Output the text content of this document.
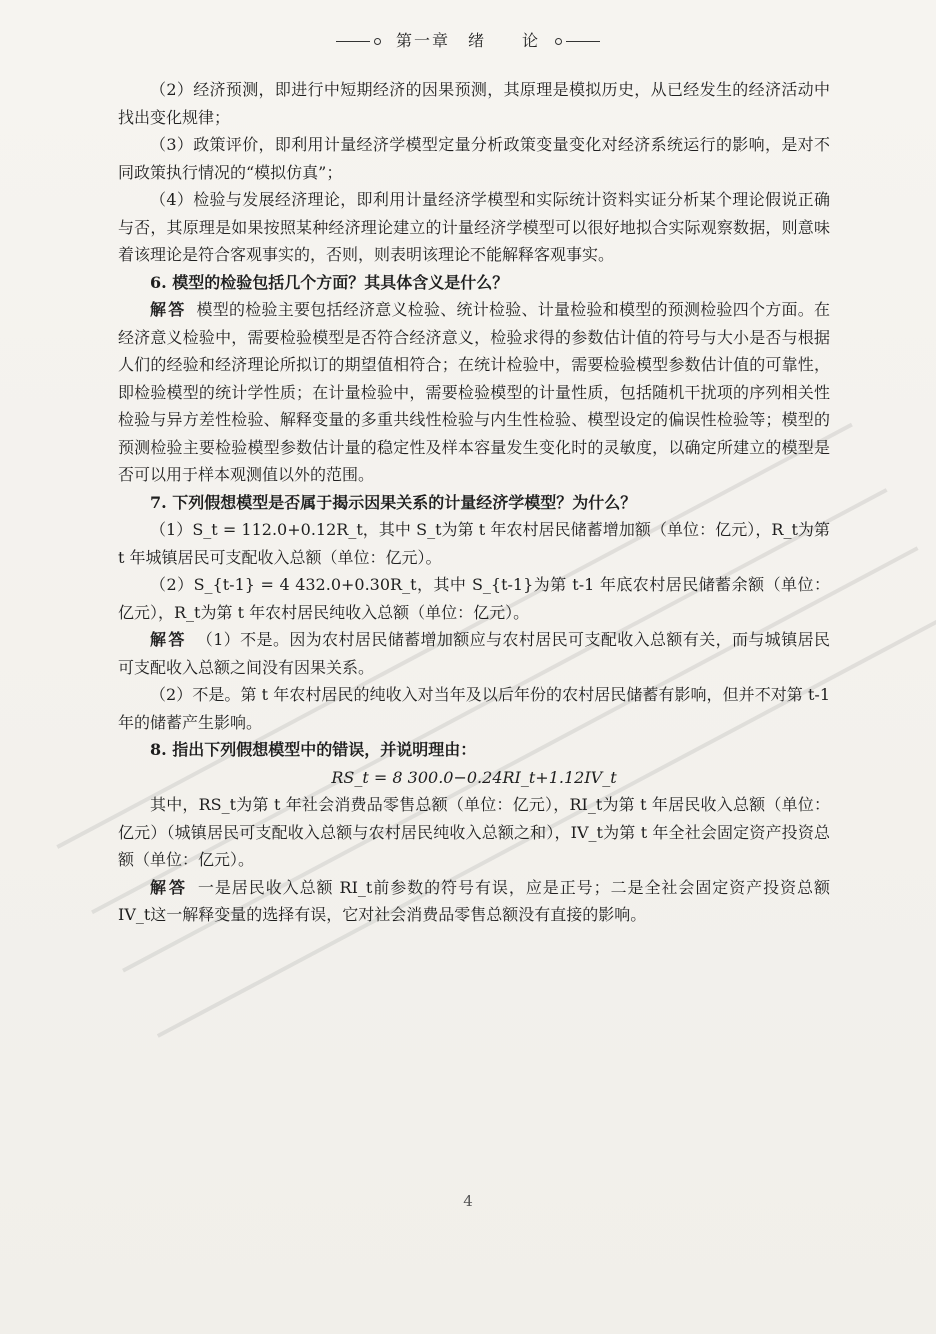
第一章　绪　　论

（2）经济预测，即进行中短期经济的因果预测，其原理是模拟历史，从已经发生的经济活动中找出变化规律；

（3）政策评价，即利用计量经济学模型定量分析政策变量变化对经济系统运行的影响，是对不同政策执行情况的“模拟仿真”；

（4）检验与发展经济理论，即利用计量经济学模型和实际统计资料实证分析某个理论假说正确与否，其原理是如果按照某种经济理论建立的计量经济学模型可以很好地拟合实际观察数据，则意味着该理论是符合客观事实的，否则，则表明该理论不能解释客观事实。

6. 模型的检验包括几个方面？其具体含义是什么？

解答 模型的检验主要包括经济意义检验、统计检验、计量检验和模型的预测检验四个方面。在经济意义检验中，需要检验模型是否符合经济意义，检验求得的参数估计值的符号与大小是否与根据人们的经验和经济理论所拟订的期望值相符合；在统计检验中，需要检验模型参数估计值的可靠性，即检验模型的统计学性质；在计量检验中，需要检验模型的计量性质，包括随机干扰项的序列相关性检验与异方差性检验、解释变量的多重共线性检验与内生性检验、模型设定的偏误性检验等；模型的预测检验主要检验模型参数估计量的稳定性及样本容量发生变化时的灵敏度，以确定所建立的模型是否可以用于样本观测值以外的范围。

7. 下列假想模型是否属于揭示因果关系的计量经济学模型？为什么？

（1）S_t = 112.0+0.12R_t，其中 S_t为第 t 年农村居民储蓄增加额（单位：亿元），R_t为第 t 年城镇居民可支配收入总额（单位：亿元）。

（2）S_{t-1} = 4 432.0+0.30R_t，其中 S_{t-1}为第 t-1 年底农村居民储蓄余额（单位：亿元），R_t为第 t 年农村居民纯收入总额（单位：亿元）。

解答 （1）不是。因为农村居民储蓄增加额应与农村居民可支配收入总额有关，而与城镇居民可支配收入总额之间没有因果关系。

（2）不是。第 t 年农村居民的纯收入对当年及以后年份的农村居民储蓄有影响，但并不对第 t-1 年的储蓄产生影响。

8. 指出下列假想模型中的错误，并说明理由：

RS_t = 8 300.0−0.24RI_t+1.12IV_t

其中，RS_t为第 t 年社会消费品零售总额（单位：亿元），RI_t为第 t 年居民收入总额（单位：亿元）（城镇居民可支配收入总额与农村居民纯收入总额之和），IV_t为第 t 年全社会固定资产投资总额（单位：亿元）。

解答 一是居民收入总额 RI_t前参数的符号有误，应是正号；二是全社会固定资产投资总额 IV_t这一解释变量的选择有误，它对社会消费品零售总额没有直接的影响。

4
